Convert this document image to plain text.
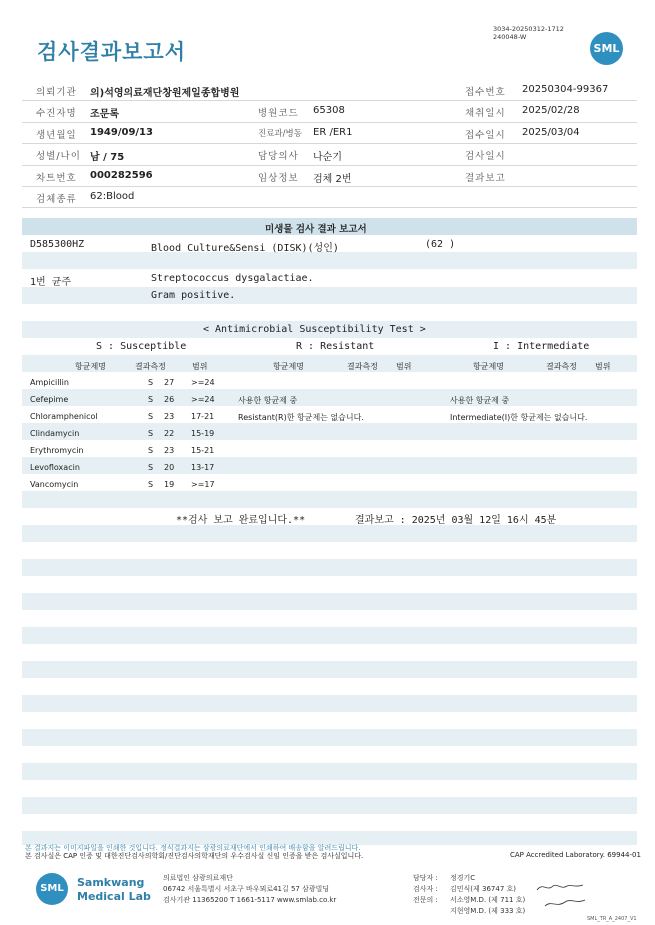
검사결과보고서
3034-20250312-1712
240048-W
SML
의뢰기관 의)석영의료재단창원제일종합병원	접수번호 20250304-99367
수진자명 조문록	병원코드 65308	채취일시 2025/02/28
생년월일 1949/09/13	진료과/병동 ER /ER1	접수일시 2025/03/04
성별/나이 남 / 75	담당의사 나순기	검사일시
차트번호 000282596	임상정보 검체 2번	결과보고
검체종류 62:Blood
미생물 검사 결과 보고서
D585300HZ	Blood Culture&Sensi (DISK)(성인)	(62 )
1번 균주	Streptococcus dysgalactiae.
Gram positive.
< Antimicrobial Susceptibility Test >
S : Susceptible	R : Resistant	I : Intermediate
항균제명	결과측정	범위	항균제명	결과측정 범위	항균제명	결과측정 범위
Ampicillin	S 27 >=24
Cefepime	S 26 >=24
Chloramphenicol	S 23 17-21
Clindamycin	S 22 15-19
Erythromycin	S 23 15-21
Levofloxacin	S 20 13-17
Vancomycin	S 19 >=17
사용한 항균제 중
Resistant(R)한 항균제는 없습니다.
사용한 항균제 중
Intermediate(I)한 항균제는 없습니다.
**검사 보고 완료입니다.**	결과보고 : 2025년 03월 12일 16시 45분
본 결과지는 이미지파일을 인쇄한 것입니다. 정식결과지는 삼광의료재단에서 인쇄하여 배송함을 알려드립니다.
본 검사실은 CAP 인증 및 대한진단검사의학회/진단검사의학재단의 우수검사실 신임 인증을 받은 검사실입니다.	CAP Accredited Laboratory. 69944-01
SML	Samkwang
Medical Lab
의료법인 삼광의료재단
06742 서울특별시 서초구 바우뫼로41길 57 삼광빌딩
검사기관 11365200 T 1661-5117 www.smlab.co.kr
담당자 : 정경기C
검사자 : 김민식(제 36747 호)
전문의 : 서소영M.D. (제 711 호)
지현영M.D. (제 333 호)
SML_TR_A_2407_V1
